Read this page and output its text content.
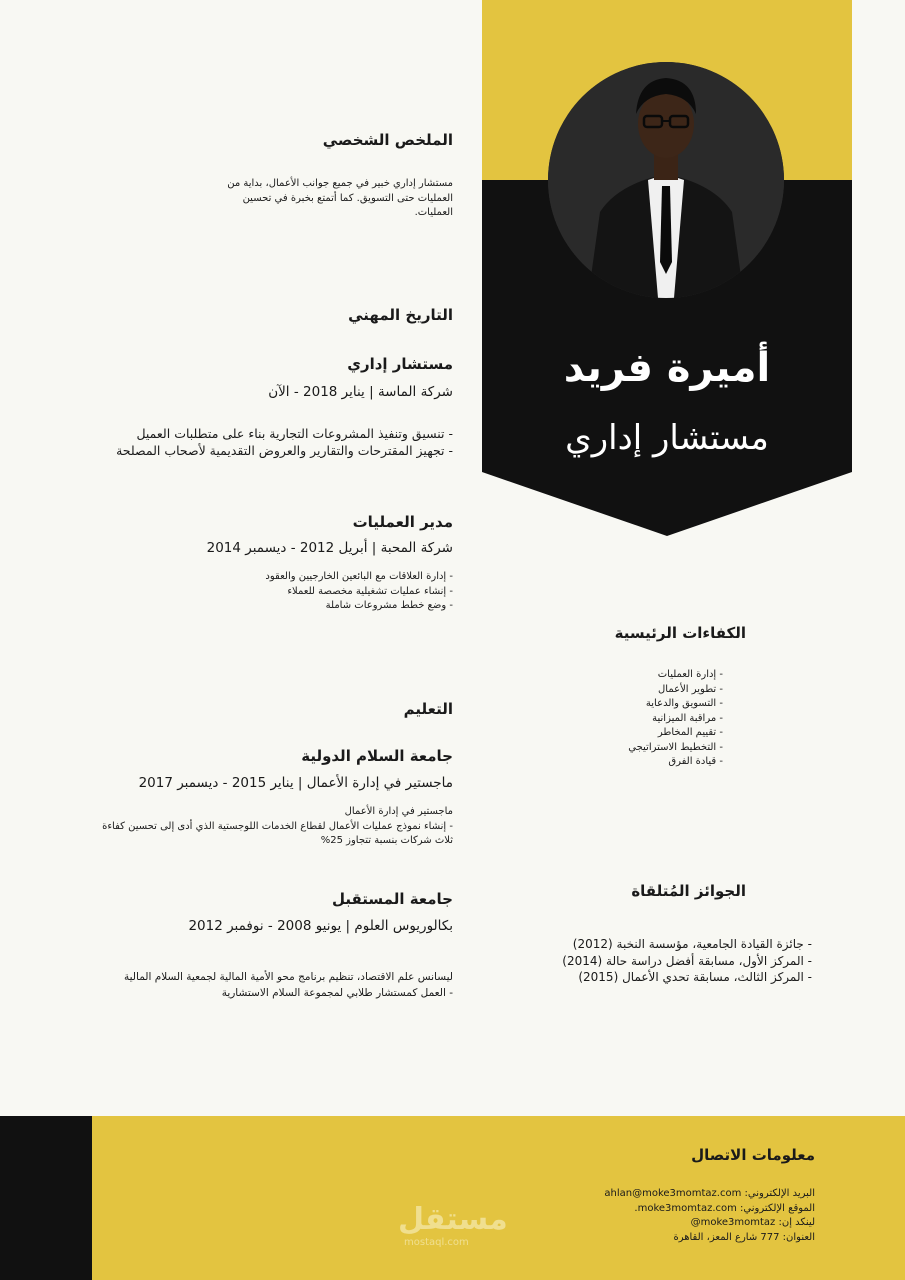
أميرة فريد
مستشار إداري
الملخص الشخصي
مستشار إداري خبير في جميع جوانب الأعمال، بداية من
العمليات حتى التسويق. كما أتمتع بخبرة في تحسين
العمليات.
التاريخ المهني
مستشار إداري
شركة الماسة | يناير 2018 - الآن
- تنسيق وتنفيذ المشروعات التجارية بناء على متطلبات العميل
- تجهيز المقترحات والتقارير والعروض التقديمية لأصحاب المصلحة
مدير العمليات
شركة المحبة | أبريل 2012 - ديسمبر 2014
- إدارة العلاقات مع البائعين الخارجيين والعقود
- إنشاء عمليات تشغيلية مخصصة للعملاء
- وضع خطط مشروعات شاملة
التعليم
جامعة السلام الدولية
ماجستير في إدارة الأعمال | يناير 2015 - ديسمبر 2017
ماجستير في إدارة الأعمال
- إنشاء نموذج عمليات الأعمال لقطاع الخدمات اللوجستية الذي أدى إلى تحسين كفاءة
ثلاث شركات بنسبة تتجاوز 25%
جامعة المستقبل
بكالوريوس العلوم | يونيو 2008 - نوفمبر 2012
ليسانس علم الاقتصاد، تنظيم برنامج محو الأمية المالية لجمعية السلام المالية
- العمل كمستشار طلابي لمجموعة السلام الاستشارية
الكفاءات الرئيسية
- إدارة العمليات
- تطوير الأعمال
- التسويق والدعاية
- مراقبة الميزانية
- تقييم المخاطر
- التخطيط الاستراتيجي
- قيادة الفرق
الجوائز المُتلقاة
- جائزة القيادة الجامعية، مؤسسة النخبة (2012)
- المركز الأول، مسابقة أفضل دراسة حالة (2014)
- المركز الثالث، مسابقة تحدي الأعمال (2015)
مستقل
mostaql.com
معلومات الاتصال
البريد الإلكتروني: ahlan@moke3momtaz.com
الموقع الإلكتروني: moke3momtaz.com.
لينكد إن: moke3momtaz@
العنوان: 777 شارع المعز، القاهرة
